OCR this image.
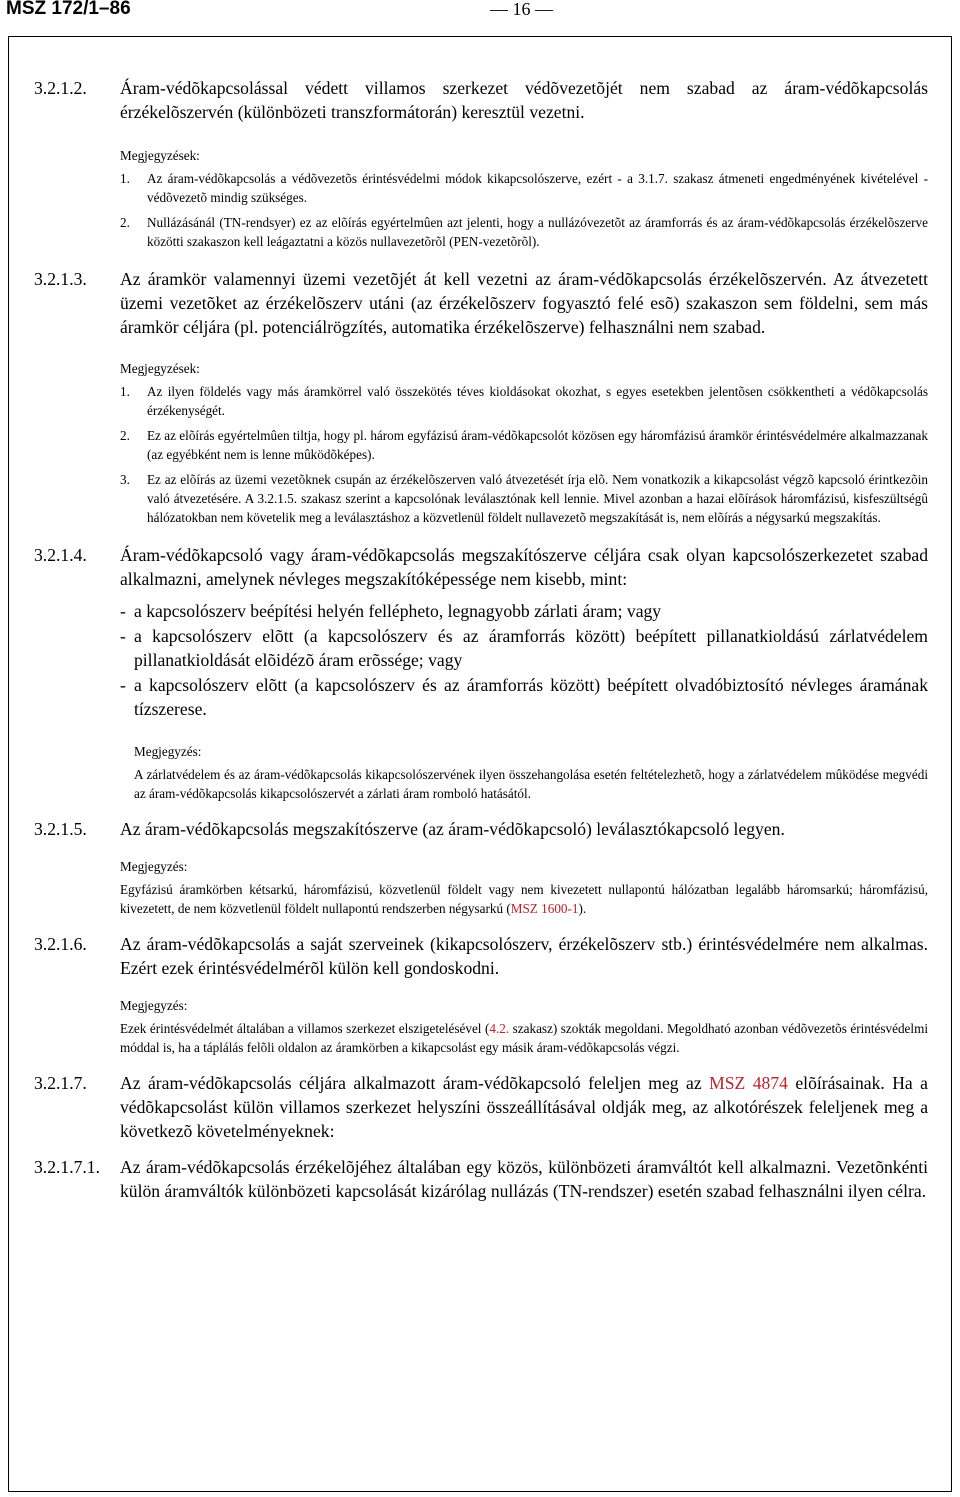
MSZ 172/1–86	— 16 —
3.2.1.2.	Áram-védõkapcsolással védett villamos szerkezet védõvezetõjét nem szabad az áram-védõkapcsolás érzékelõszervén (különbözeti transzformátorán) keresztül vezetni.
Megjegyzések:
1.	Az áram-védõkapcsolás a védõvezetõs érintésvédelmi módok kikapcsolószerve, ezért - a 3.1.7. szakasz átmeneti engedményének kivételével - védõvezetõ mindig szükséges.
2.	Nullázásánál (TN-rendsyer) ez az elõírás egyértelmûen azt jelenti, hogy a nullázóvezetõt az áramforrás és az áram-védõkapcsolás érzékelõszerve közötti szakaszon kell leágaztatni a közös nullavezetõrõl (PEN-vezetõrõl).
3.2.1.3.	Az áramkör valamennyi üzemi vezetõjét át kell vezetni az áram-védõkapcsolás érzékelõszervén. Az átvezetett üzemi vezetõket az érzékelõszerv utáni (az érzékelõszerv fogyasztó felé esõ) szakaszon sem földelni, sem más áramkör céljára (pl. potenciálrögzítés, automatika érzékelõszerve) felhasználni nem szabad.
Megjegyzések:
1.	Az ilyen földelés vagy más áramkörrel való összekötés téves kioldásokat okozhat, s egyes esetekben jelentõsen csökkentheti a védõkapcsolás érzékenységét.
2.	Ez az elõírás egyértelmûen tiltja, hogy pl. három egyfázisú áram-védõkapcsolót közösen egy háromfázisú áramkör érintésvédelmére alkalmazzanak (az egyébként nem is lenne mûködõképes).
3.	Ez az elõírás az üzemi vezetõknek csupán az érzékelõszerven való átvezetését írja elõ. Nem vonatkozik a kikapcsolást végzõ kapcsoló érintkezõin való átvezetésére. A 3.2.1.5. szakasz szerint a kapcsolónak leválasztónak kell lennie. Mivel azonban a hazai elõírások háromfázisú, kisfeszültségû hálózatokban nem követelik meg a leválasztáshoz a közvetlenül földelt nullavezetõ megszakítását is, nem elõírás a négysarkú megszakítás.
3.2.1.4.	Áram-védõkapcsoló vagy áram-védõkapcsolás megszakítószerve céljára csak olyan kapcsolószerkezetet szabad alkalmazni, amelynek névleges megszakítóképessége nem kisebb, mint:
- a kapcsolószerv beépítési helyén fellépheto, legnagyobb zárlati áram; vagy
- a kapcsolószerv elõtt (a kapcsolószerv és az áramforrás között) beépített pillanatkioldású zárlatvédelem pillanatkioldását elõidézõ áram erõssége; vagy
- a kapcsolószerv elõtt (a kapcsolószerv és az áramforrás között) beépített olvadóbiztosító névleges áramának tízszerese.
Megjegyzés:
A zárlatvédelem és az áram-védõkapcsolás kikapcsolószervének ilyen összehangolása esetén feltételezhetõ, hogy a zárlatvédelem mûködése megvédi az áram-védõkapcsolás kikapcsolószervét a zárlati áram romboló hatásától.
3.2.1.5.	Az áram-védõkapcsolás megszakítószerve (az áram-védõkapcsoló) leválasztókapcsoló legyen.
Megjegyzés:
Egyfázisú áramkörben kétsarkú, háromfázisú, közvetlenül földelt vagy nem kivezetett nullapontú hálózatban legalább háromsarkú; háromfázisú, kivezetett, de nem közvetlenül földelt nullapontú rendszerben négysarkú (MSZ 1600-1).
3.2.1.6.	Az áram-védõkapcsolás a saját szerveinek (kikapcsolószerv, érzékelõszerv stb.) érintésvédelmére nem alkalmas. Ezért ezek érintésvédelmérõl külön kell gondoskodni.
Megjegyzés:
Ezek érintésvédelmét általában a villamos szerkezet elszigetelésével (4.2. szakasz) szokták megoldani. Megoldható azonban védõvezetõs érintésvédelmi móddal is, ha a táplálás felõli oldalon az áramkörben a kikapcsolást egy másik áram-védõkapcsolás végzi.
3.2.1.7.	Az áram-védõkapcsolás céljára alkalmazott áram-védõkapcsoló feleljen meg az MSZ 4874 elõírásainak. Ha a védõkapcsolást külön villamos szerkezet helyszíni összeállításával oldják meg, az alkotórészek feleljenek meg a következõ követelményeknek:
3.2.1.7.1.	Az áram-védõkapcsolás érzékelõjéhez általában egy közös, különbözeti áramváltót kell alkalmazni. Vezetõnkénti külön áramváltók különbözeti kapcsolását kizárólag nullázás (TN-rendszer) esetén szabad felhasználni ilyen célra.
